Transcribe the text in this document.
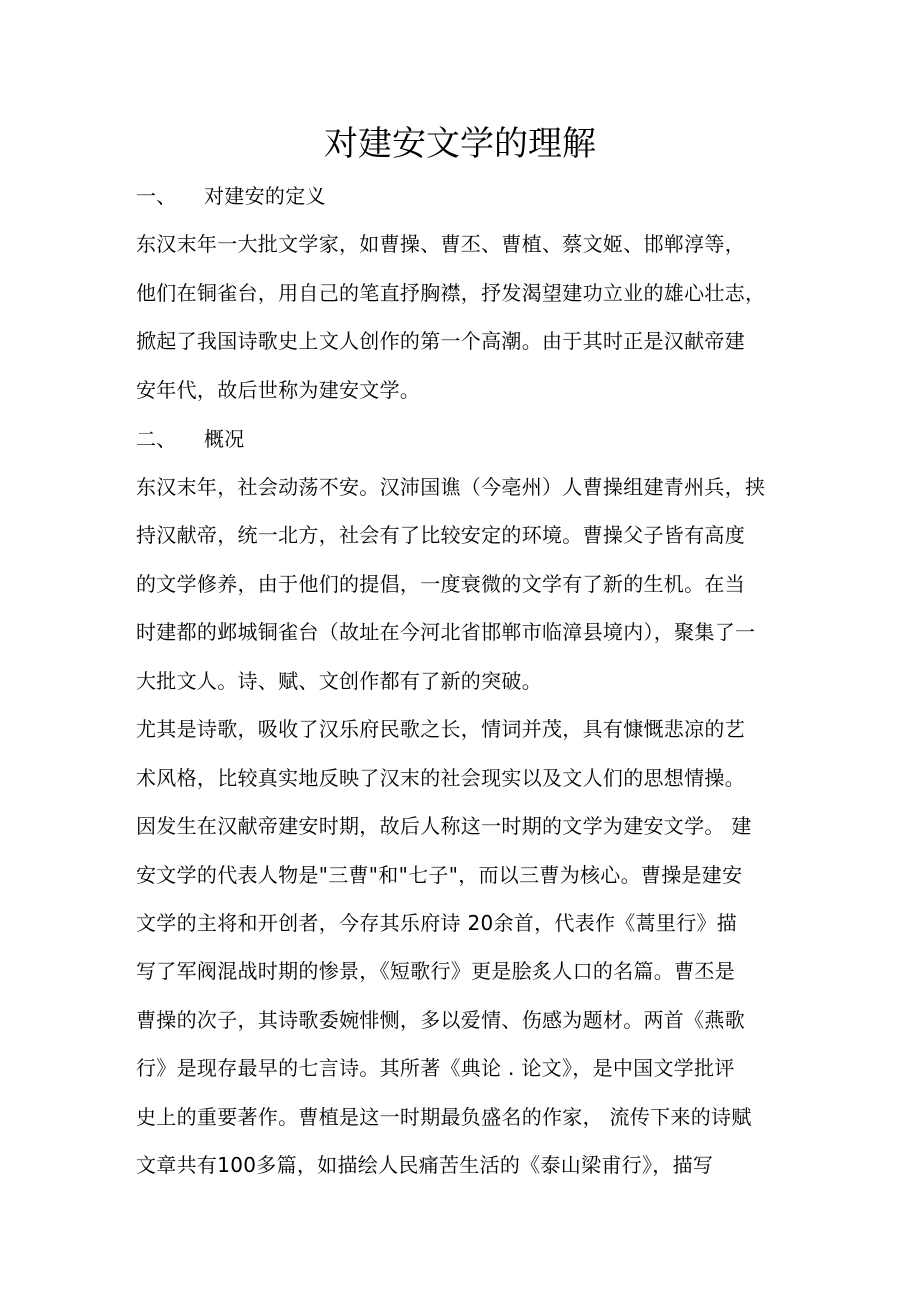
对建安文学的理解
一、 对建安的定义
东汉末年一大批文学家，如曹操、曹丕、曹植、蔡文姬、邯郸淳等，
他们在铜雀台，用自己的笔直抒胸襟，抒发渴望建功立业的雄心壮志，
掀起了我国诗歌史上文人创作的第一个高潮。由于其时正是汉献帝建
安年代，故后世称为建安文学。
二、 概况
东汉末年，社会动荡不安。汉沛国谯（今亳州）人曹操组建青州兵，挟
持汉献帝，统一北方，社会有了比较安定的环境。曹操父子皆有高度
的文学修养，由于他们的提倡，一度衰微的文学有了新的生机。在当
时建都的邺城铜雀台（故址在今河北省邯郸市临漳县境内），聚集了一
大批文人。诗、赋、文创作都有了新的突破。
尤其是诗歌，吸收了汉乐府民歌之长，情词并茂，具有慷慨悲凉的艺
术风格，比较真实地反映了汉末的社会现实以及文人们的思想情操。
因发生在汉献帝建安时期，故后人称这一时期的文学为建安文学。 建
安文学的代表人物是"三曹"和"七子"，而以三曹为核心。曹操是建安
文学的主将和开创者，今存其乐府诗 20余首，代表作《蒿里行》描
写了军阀混战时期的惨景，《短歌行》更是脍炙人口的名篇。曹丕是
曹操的次子，其诗歌委婉悱恻，多以爱情、伤感为题材。两首《燕歌
行》是现存最早的七言诗。其所著《典论 . 论文》，是中国文学批评
史上的重要著作。曹植是这一时期最负盛名的作家， 流传下来的诗赋
文章共有100多篇，如描绘人民痛苦生活的《泰山梁甫行》，描写
